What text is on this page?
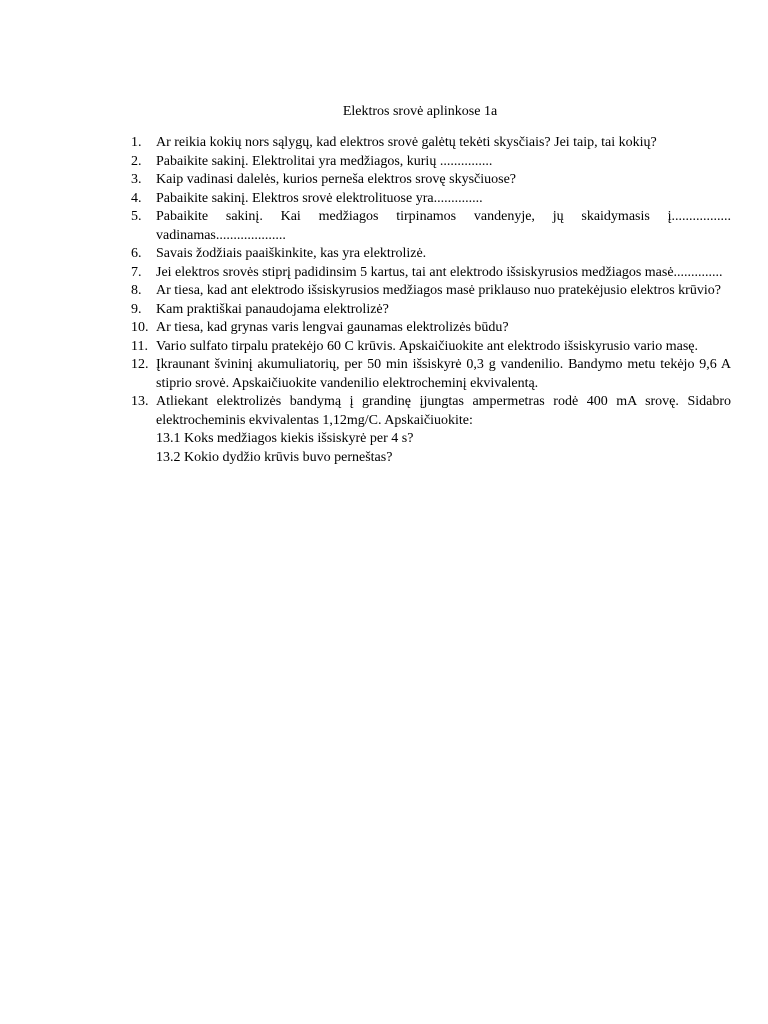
Elektros srovė aplinkose 1a
1.	Ar reikia kokių nors sąlygų, kad elektros srovė galėtų tekėti skysčiais? Jei taip, tai kokių?
2.	Pabaikite sakinį. Elektrolitai yra medžiagos, kurių ...............
3.	Kaip vadinasi dalelės, kurios perneša elektros srovę skysčiuose?
4.	Pabaikite sakinį. Elektros srovė elektrolituose yra..............
5.	Pabaikite sakinį. Kai medžiagos tirpinamos vandenyje, jų skaidymasis į................. vadinamas....................
6.	Savais žodžiais paaiškinkite, kas yra elektrolizė.
7.	Jei elektros srovės stiprį padidinsim 5 kartus, tai ant elektrodo išsiskyrusios medžiagos masė..............
8.	Ar tiesa, kad ant elektrodo išsiskyrusios medžiagos masė priklauso nuo pratekėjusio elektros krūvio?
9.	Kam praktiškai panaudojama elektrolizė?
10. Ar tiesa, kad grynas varis lengvai gaunamas elektrolizės būdu?
11. Vario sulfato tirpalu pratekėjo 60 C krūvis. Apskaičiuokite ant elektrodo išsiskyrusio vario masę.
12. Įkraunant švininį akumuliatorių, per 50 min išsiskyrė 0,3 g vandenilio. Bandymo metu tekėjo 9,6 A stiprio srovė. Apskaičiuokite vandenilio elektrocheminį ekvivalentą.
13. Atliekant elektrolizės bandymą į grandinę įjungtas ampermetras rodė 400 mA srovę. Sidabro elektrocheminis ekvivalentas 1,12mg/C. Apskaičiuokite:
13.1 Koks medžiagos kiekis išsiskyrė per 4 s?
13.2 Kokio dydžio krūvis buvo perneštas?
